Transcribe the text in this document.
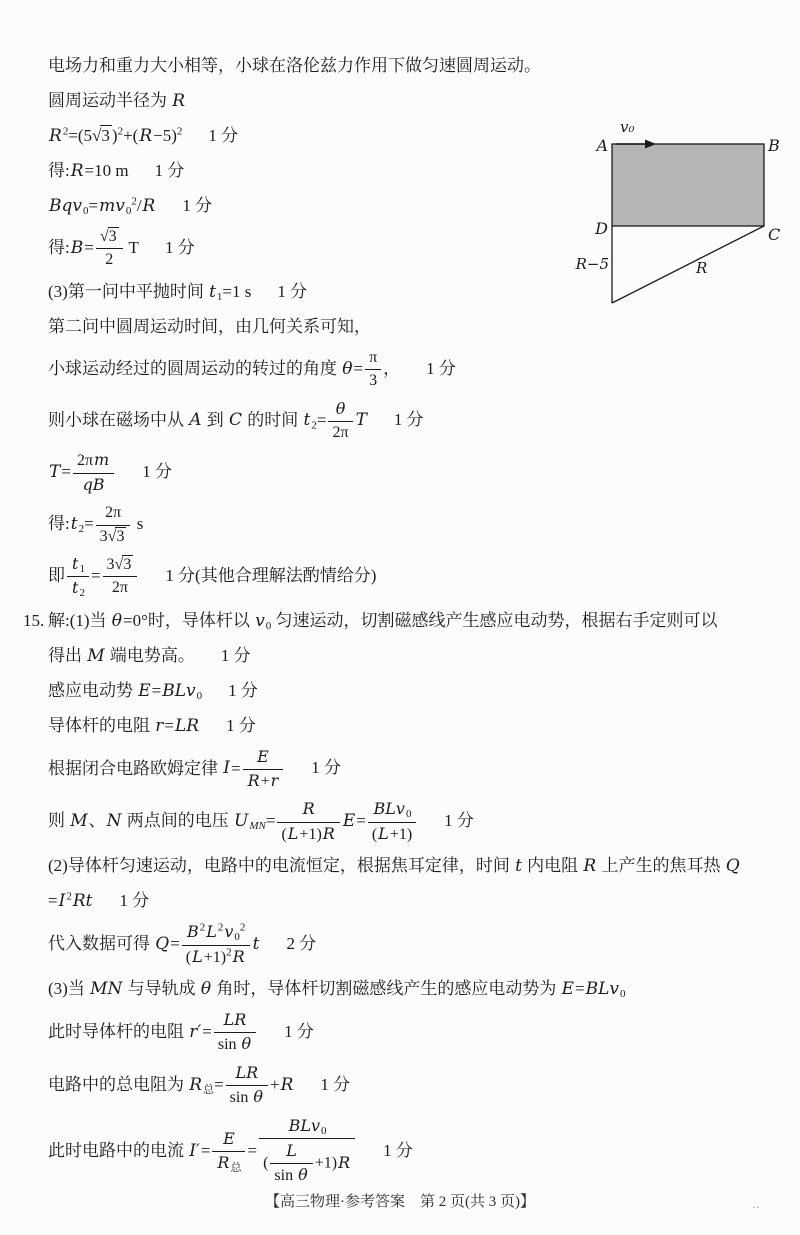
电场力和重力大小相等，小球在洛伦兹力作用下做匀速圆周运动。
圆周运动半径为 R
$R^2=(5√3$ )$^2+(R-5)^2$ 1 分
得:R=10 m 1 分
$Bqv_0=mv_0^2/R$ 1 分
得:B= $\frac{√3}{2}$ T 1 分
(3)第一问中平抛时间 $t_1=1$ s 1 分
第二问中圆周运动时间，由几何关系可知，
小球运动经过的圆周运动的转过的角度 $\theta= \frac{\pi}{3}$ ， 1 分
则小球在磁场中从 A 到 C 的时间 $t_2= \frac{\theta}{2\pi}$ T 1 分
$T= \frac{2\pi m}{qB} 1$ 分
得$:t_2= \frac{2\pi}{3√3}$ s
即 $\frac{t_1}{t_2} = \frac{3√3}{2\pi} 1$ 分(其他合理解法酌情给分)
15. 解:(1)当 θ=0°时，导体杆以 $v_0$ 匀速运动，切割磁感线产生感应电动势，根据右手定则可以
得出 M 端电势高。 1 分
感应电动势 E=BLv$_0$ 1 分
导体杆的电阻 r=LR 1 分
根据闭合电路欧姆定律 $I= \frac{E}{R+r} 1$ 分
则 M、N 两点间的电压 $U_{MN}= \frac{R}{(L+1)R} E= \frac{BLv_0}{(L+1)} 1$ 分
(2)导体杆匀速运动，电路中的电流恒定，根据焦耳定律，时间 t 内电阻 R 上产生的焦耳热 Q
$=I^2Rt$ 1 分
代入数据可得 $Q= \frac{B^2L^2v_0^2}{(L+1)^2R}$ t 2 分
(3)当 MN 与导轨成 θ 角时，导体杆切割磁感线产生的感应电动势为 E=BLv$_0$
此时导体杆的电阻 $r'= \frac{LR}{\text{sin θ}} 1$ 分
电路中的总电阻为 $R_总= \frac{LR}{\text{sin θ}} +R$ 1 分
此时电路中的电流 $I'= \frac{E}{R_总} = \frac{BLv_0}{( \frac{L}{\text{sin θ}} +1)R} 1$ 分
A	B
C
D
v₀
R−5	R
【高三物理·参考答案　第 2 页(共 3 页)】	..
